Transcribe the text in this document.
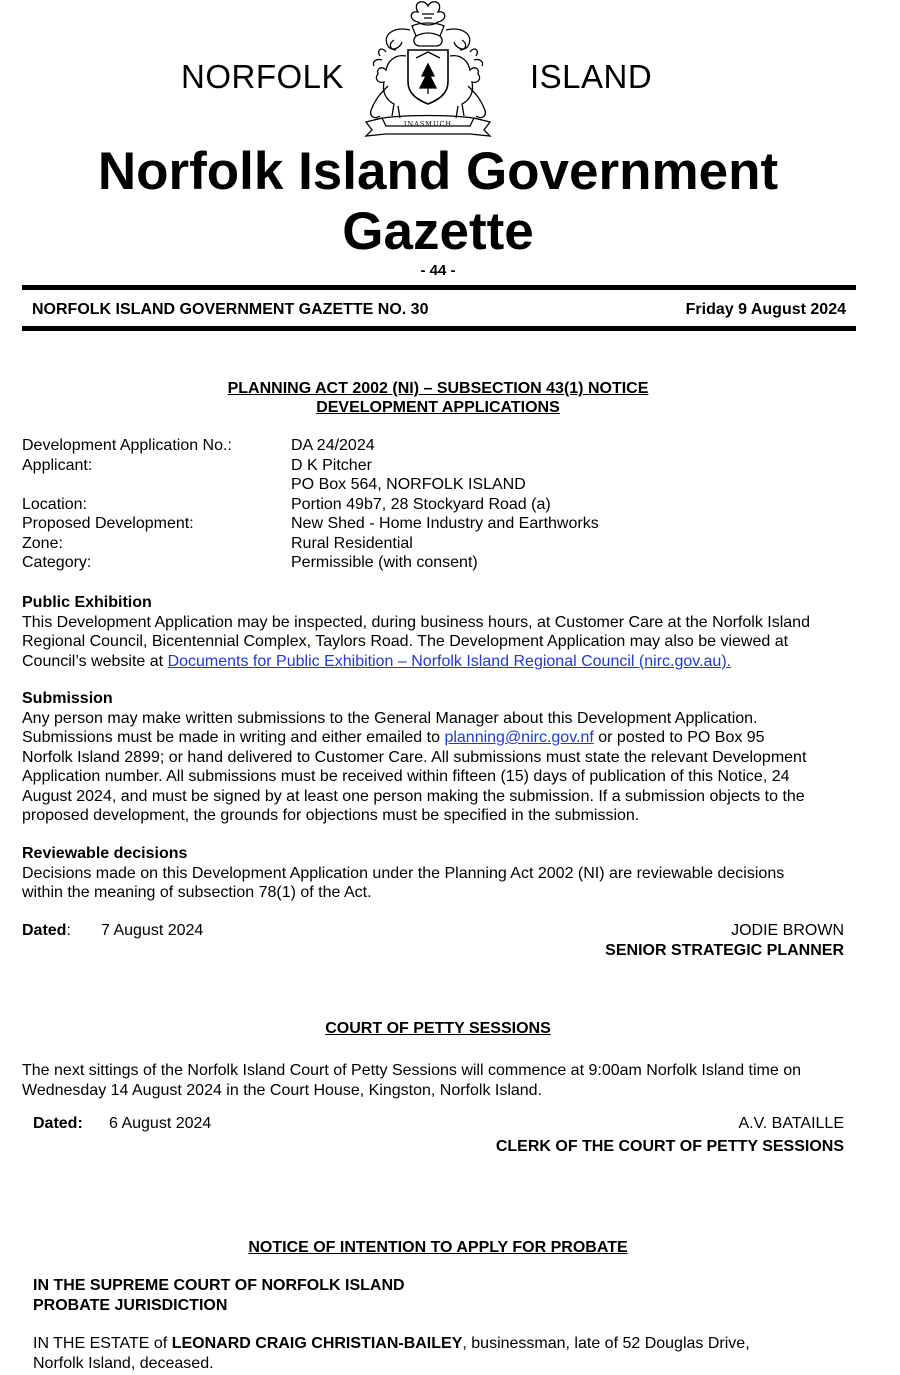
NORFOLK	ISLAND
INASMUCH
Norfolk Island Government
Gazette
- 44 -
NORFOLK ISLAND GOVERNMENT GAZETTE NO. 30	Friday 9 August 2024
PLANNING ACT 2002 (NI) – SUBSECTION 43(1) NOTICE
DEVELOPMENT APPLICATIONS
Development Application No.:	DA 24/2024
Applicant:	D K Pitcher
PO Box 564, NORFOLK ISLAND
Location:	Portion 49b7, 28 Stockyard Road (a)
Proposed Development:	New Shed - Home Industry and Earthworks
Zone:	Rural Residential
Category:	Permissible (with consent)

Public Exhibition

This Development Application may be inspected, during business hours, at Customer Care at the Norfolk Island

Regional Council, Bicentennial Complex, Taylors Road. The Development Application may also be viewed at

Council’s website at Documents for Public Exhibition – Norfolk Island Regional Council (nirc.gov.au).

Submission

Any person may make written submissions to the General Manager about this Development Application.

Submissions must be made in writing and either emailed to planning@nirc.gov.nf or posted to PO Box 95

Norfolk Island 2899; or hand delivered to Customer Care. All submissions must state the relevant Development

Application number. All submissions must be received within fifteen (15) days of publication of this Notice, 24

August 2024, and must be signed by at least one person making the submission. If a submission objects to the

proposed development, the grounds for objections must be specified in the submission.

Reviewable decisions

Decisions made on this Development Application under the Planning Act 2002 (NI) are reviewable decisions

within the meaning of subsection 78(1) of the Act.

Dated: 7 August 2024	JODIE BROWN
SENIOR STRATEGIC PLANNER
COURT OF PETTY SESSIONS

The next sittings of the Norfolk Island Court of Petty Sessions will commence at 9:00am Norfolk Island time on

Wednesday 14 August 2024 in the Court House, Kingston, Norfolk Island.

Dated: 6 August 2024	A.V. BATAILLE
CLERK OF THE COURT OF PETTY SESSIONS
NOTICE OF INTENTION TO APPLY FOR PROBATE
IN THE SUPREME COURT OF NORFOLK ISLAND
PROBATE JURISDICTION

IN THE ESTATE of LEONARD CRAIG CHRISTIAN-BAILEY, businessman, late of 52 Douglas Drive,

Norfolk Island, deceased.
